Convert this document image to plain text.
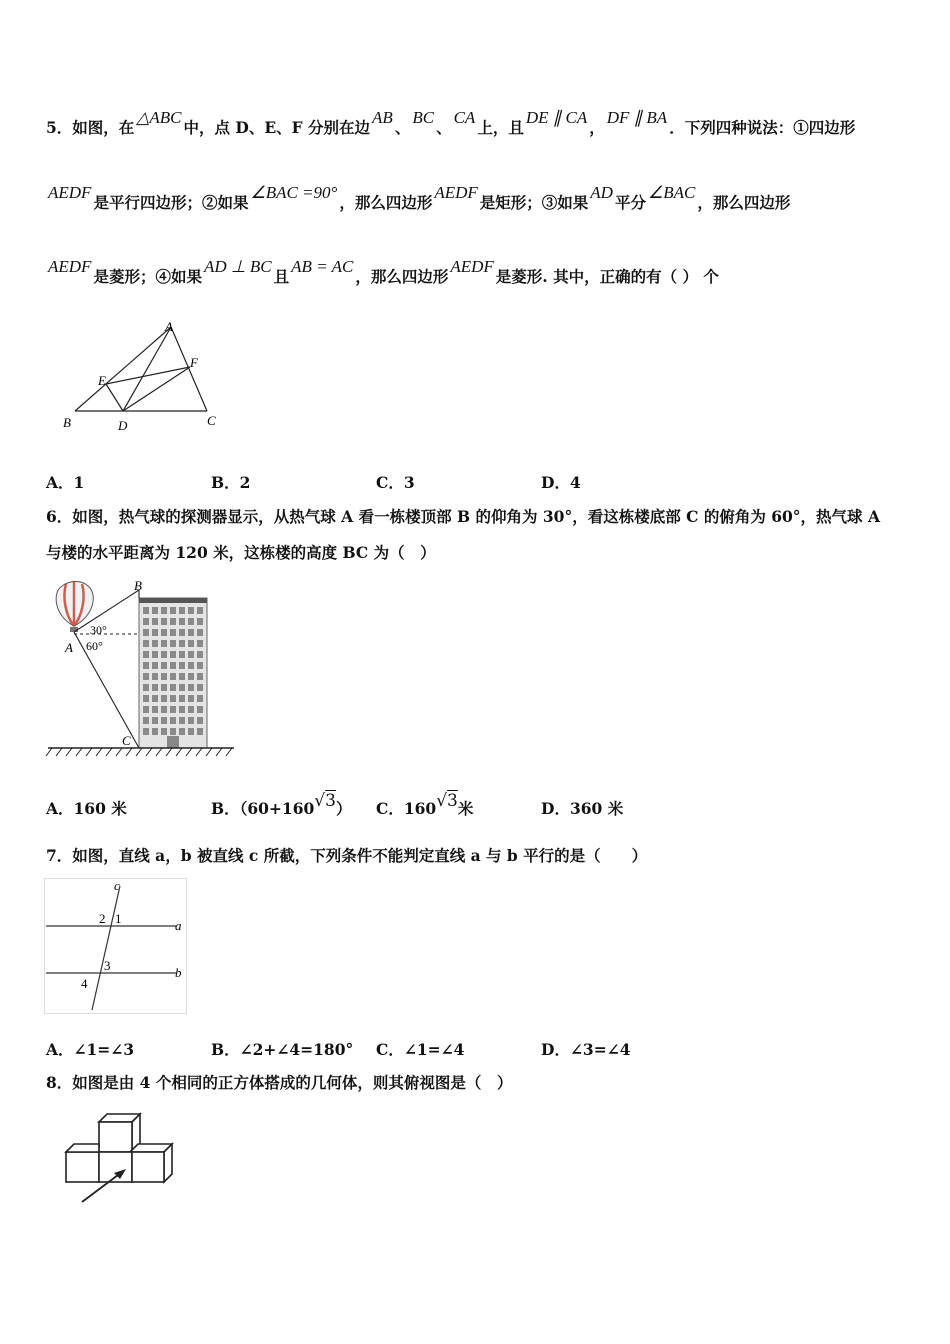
5．如图，在△ABC中，点 D、E、F 分别在边AB、BC、CA上，且DE ∥ CA，DF ∥ BA．下列四种说法：①四边形
AEDF是平行四边形；②如果∠BAC =90°，那么四边形AEDF是矩形；③如果AD平分∠BAC，那么四边形
AEDF是菱形；④如果AD ⊥ BC且AB = AC，那么四边形AEDF是菱形. 其中，正确的有（ ） 个
A
B	C
D
E
F
A．1	B．2	C．3	D．4
6．如图，热气球的探测器显示，从热气球 A 看一栋楼顶部 B 的仰角为 30°，看这栋楼底部 C 的俯角为 60°，热气球 A
与楼的水平距离为 120 米，这栋楼的高度 BC 为（　）
B
A
C
30°
60°
A．160 米	B．（60+160√3） C．160√3米	D．360 米
7．如图，直线 a，b 被直线 c 所截，下列条件不能判定直线 a 与 b 平行的是（　　）
c
a
b
2 1
3
4
A．∠1=∠3	B．∠2+∠4=180° C．∠1=∠4	D．∠3=∠4
8．如图是由 4 个相同的正方体搭成的几何体，则其俯视图是（　）
